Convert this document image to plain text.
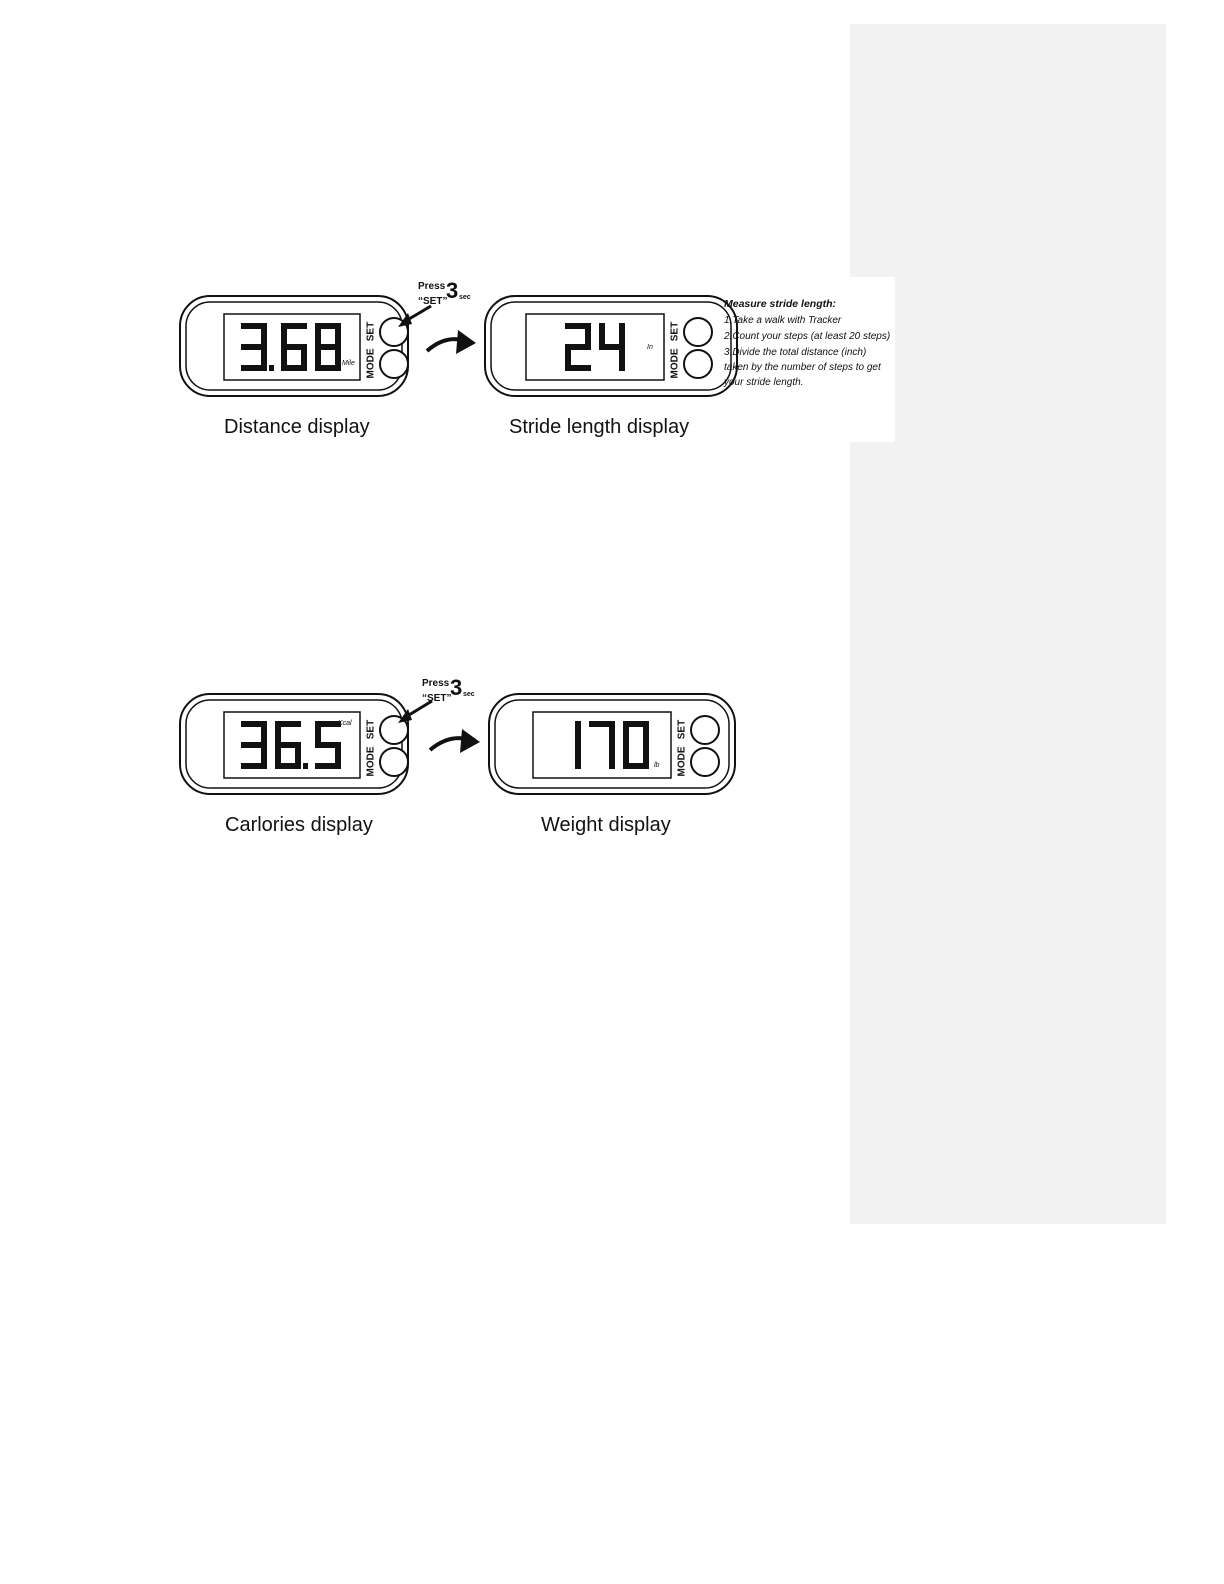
SET
MODE
Mile
SET
MODE
In
SET
MODE
Kcal	SET
MODE
lb
Measure stride length:
1.Take a walk with Tracker
2.Count your steps (at least 20 steps)
3.Divide the total distance (inch)
taken by the number of steps to get
your stride length.
Distance display	Stride length display
Carlories display	Weight display
Press
“SET”
3 sec
Press
“SET”
3 sec
